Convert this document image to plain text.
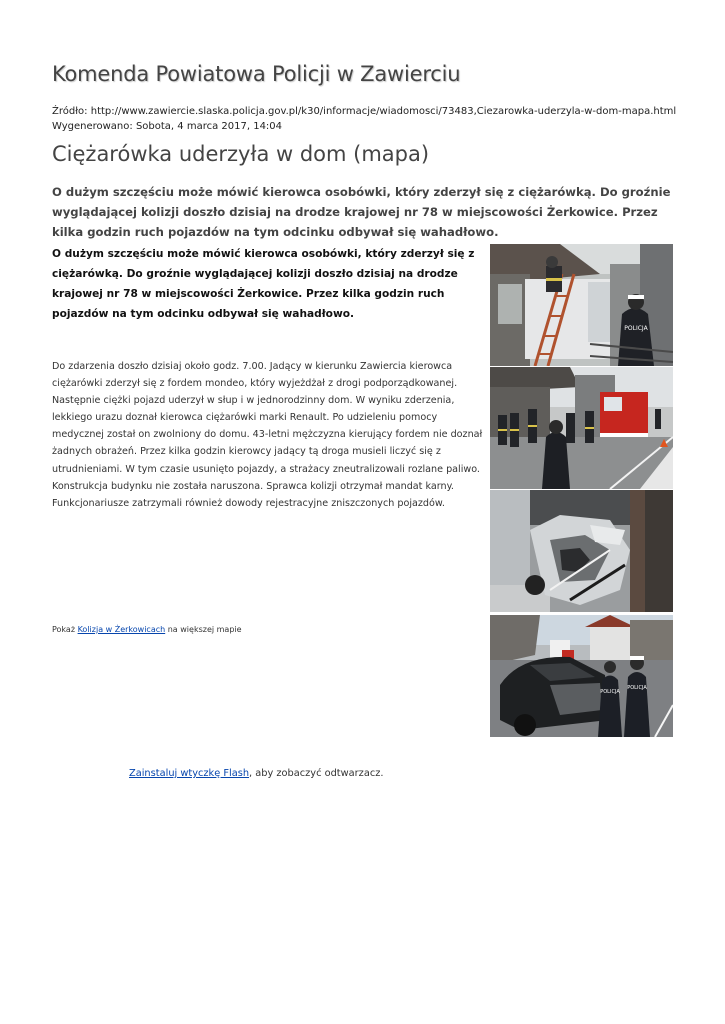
Komenda Powiatowa Policji w Zawierciu
Źródło: http://www.zawiercie.slaska.policja.gov.pl/k30/informacje/wiadomosci/73483,Ciezarowka-uderzyla-w-dom-mapa.html
Wygenerowano: Sobota, 4 marca 2017, 14:04
Ciężarówka uderzyła w dom (mapa)

O dużym szczęściu może mówić kierowca osobówki, który zderzył się z ciężarówką. Do groźnie wyglądającej kolizji doszło dzisiaj na drodze krajowej nr 78 w miejscowości Żerkowice. Przez kilka godzin ruch pojazdów na tym odcinku odbywał się wahadłowo.

O dużym szczęściu może mówić kierowca osobówki, który zderzył się z ciężarówką. Do groźnie wyglądającej kolizji doszło dzisiaj na drodze krajowej nr 78 w miejscowości Żerkowice. Przez kilka godzin ruch pojazdów na tym odcinku odbywał się wahadłowo.

Do zdarzenia doszło dzisiaj około godz. 7.00. Jadący w kierunku Zawiercia kierowca ciężarówki zderzył się z fordem mondeo, który wyjeżdżał z drogi podporządkowanej. Następnie ciężki pojazd uderzył w słup i w jednorodzinny dom. W wyniku zderzenia, lekkiego urazu doznał kierowca ciężarówki marki Renault. Po udzieleniu pomocy medycznej został on zwolniony do domu. 43-letni mężczyzna kierujący fordem nie doznał żadnych obrażeń. Przez kilka godzin kierowcy jadący tą droga musieli liczyć się z utrudnieniami. W tym czasie usunięto pojazdy, a strażacy zneutralizowali rozlane paliwo. Konstrukcja budynku nie została naruszona. Sprawca kolizji otrzymał mandat karny. Funkcjonariusze zatrzymali również dowody rejestracyjne zniszczonych pojazdów.

Pokaż Kolizja w Żerkowicach na większej mapie
Zainstaluj wtyczkę Flash, aby zobaczyć odtwarzacz.
POLICJA
POLICJA
POLICJA
